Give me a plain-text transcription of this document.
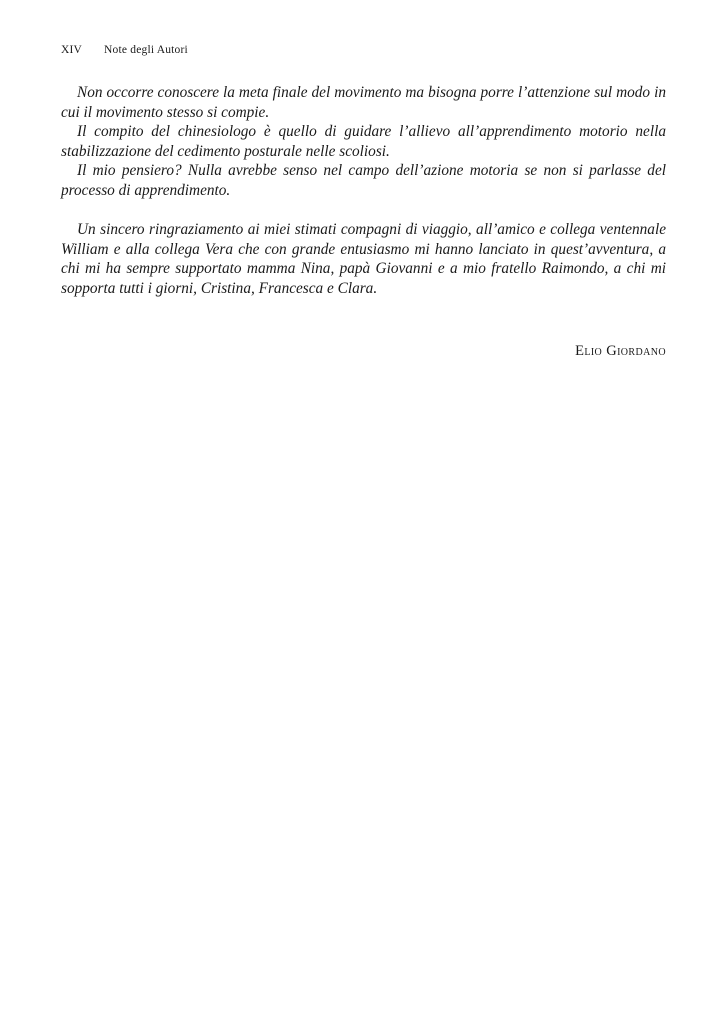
XIV Note degli Autori

Non occorre conoscere la meta finale del movimento ma bisogna porre l’attenzione sul modo in cui il movimento stesso si compie.

Il compito del chinesiologo è quello di guidare l’allievo all’apprendimento motorio nella stabilizzazione del cedimento posturale nelle scoliosi.

Il mio pensiero? Nulla avrebbe senso nel campo dell’azione motoria se non si parlasse del processo di apprendimento.

Un sincero ringraziamento ai miei stimati compagni di viaggio, all’amico e collega ventennale William e alla collega Vera che con grande entusiasmo mi hanno lanciato in quest’avventura, a chi mi ha sempre supportato mamma Nina, papà Giovanni e a mio fratello Raimondo, a chi mi sopporta tutti i giorni, Cristina, Francesca e Clara.

Elio Giordano
